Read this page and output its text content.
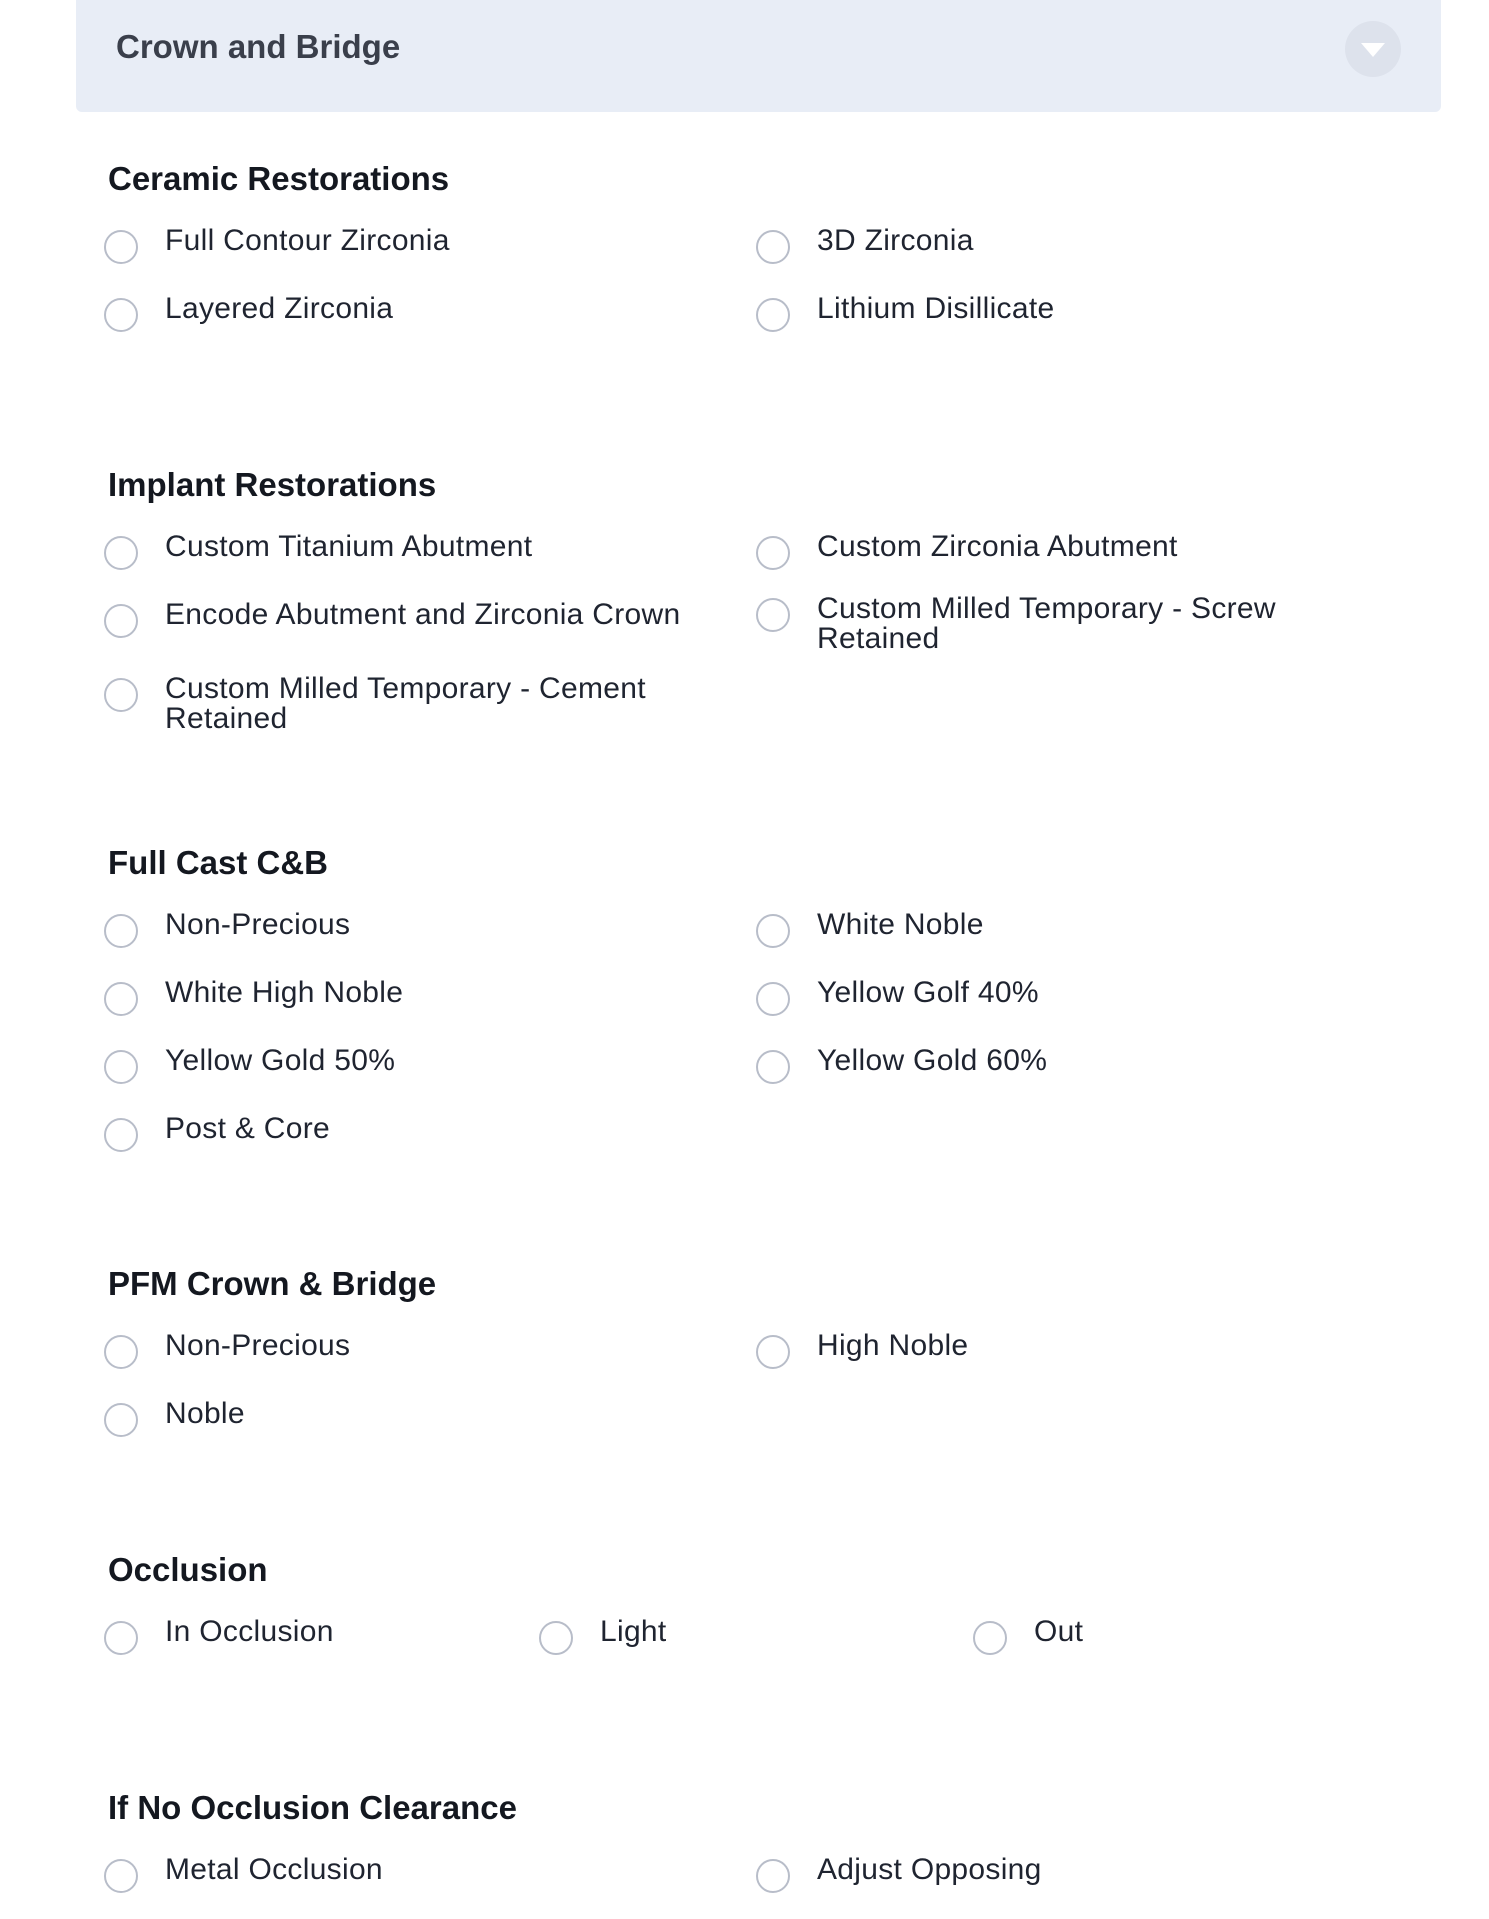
Crown and Bridge
Ceramic Restorations
Full Contour Zirconia	3D Zirconia
Layered Zirconia	Lithium Disillicate
Implant Restorations
Custom Titanium Abutment	Custom Zirconia Abutment
Encode Abutment and Zirconia Crown	Custom Milled Temporary - Screw Retained
Custom Milled Temporary - Cement Retained
Full Cast C&B
Non-Precious	White Noble
White High Noble	Yellow Golf 40%
Yellow Gold 50%	Yellow Gold 60%
Post & Core
PFM Crown & Bridge
Non-Precious	High Noble
Noble
Occlusion
In Occlusion	Light	Out
If No Occlusion Clearance
Metal Occlusion	Adjust Opposing
